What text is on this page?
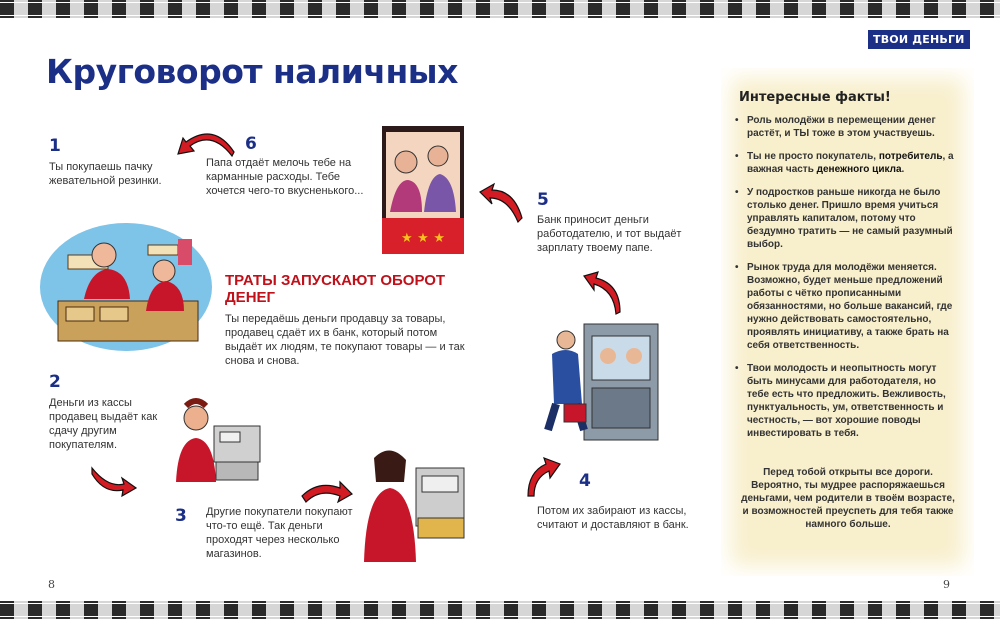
ТВОИ ДЕНЬГИ
Круговорот наличных

1

Ты покупаешь пачку жевательной резинки.

6

Папа отдаёт мелочь тебе на карманные расходы. Тебе хочется чего-то вкусненького...	5

Банк приносит деньги работодателю, и тот выдаёт зарплату твоему папе.

2

Деньги из кассы продавец выдаёт как сдачу другим покупателям.

3 Другие покупатели покупают что-то ещё. Так деньги проходят через несколько магазинов.

4

Потом их забирают из кассы, считают и доставляют в банк.

ТРАТЫ ЗАПУСКАЮТ ОБОРОТ ДЕНЕГ

Ты передаёшь деньги продавцу за товары, продавец сдаёт их в банк, который потом выдаёт их людям, те покупают товары — и так снова и снова.

★ ★ ★
Интересные факты!
• Роль молодёжи в перемещении денег растёт, и ТЫ тоже в этом участвуешь.
• Ты не просто покупатель, потребитель, а важная часть денежного цикла.
• У подростков раньше никогда не было столько денег. Пришло время учиться управлять капиталом, потому что бездумно тратить — не самый разумный выбор.
• Рынок труда для молодёжи меняется. Возможно, будет меньше предложений работы с чётко прописанными обязанностями, но больше вакансий, где нужно действовать самостоятельно, проявлять инициативу, а также брать на себя ответственность.
• Твои молодость и неопытность могут быть минусами для работодателя, но тебе есть что предложить. Вежливость, пунктуальность, ум, ответственность и честность, — вот хорошие поводы инвестировать в тебя.

Перед тобой открыты все дороги. Вероятно, ты мудрее распоряжаешься деньгами, чем родители в твоём возрасте, и возможностей преуспеть для тебя также намного больше.

8	9
